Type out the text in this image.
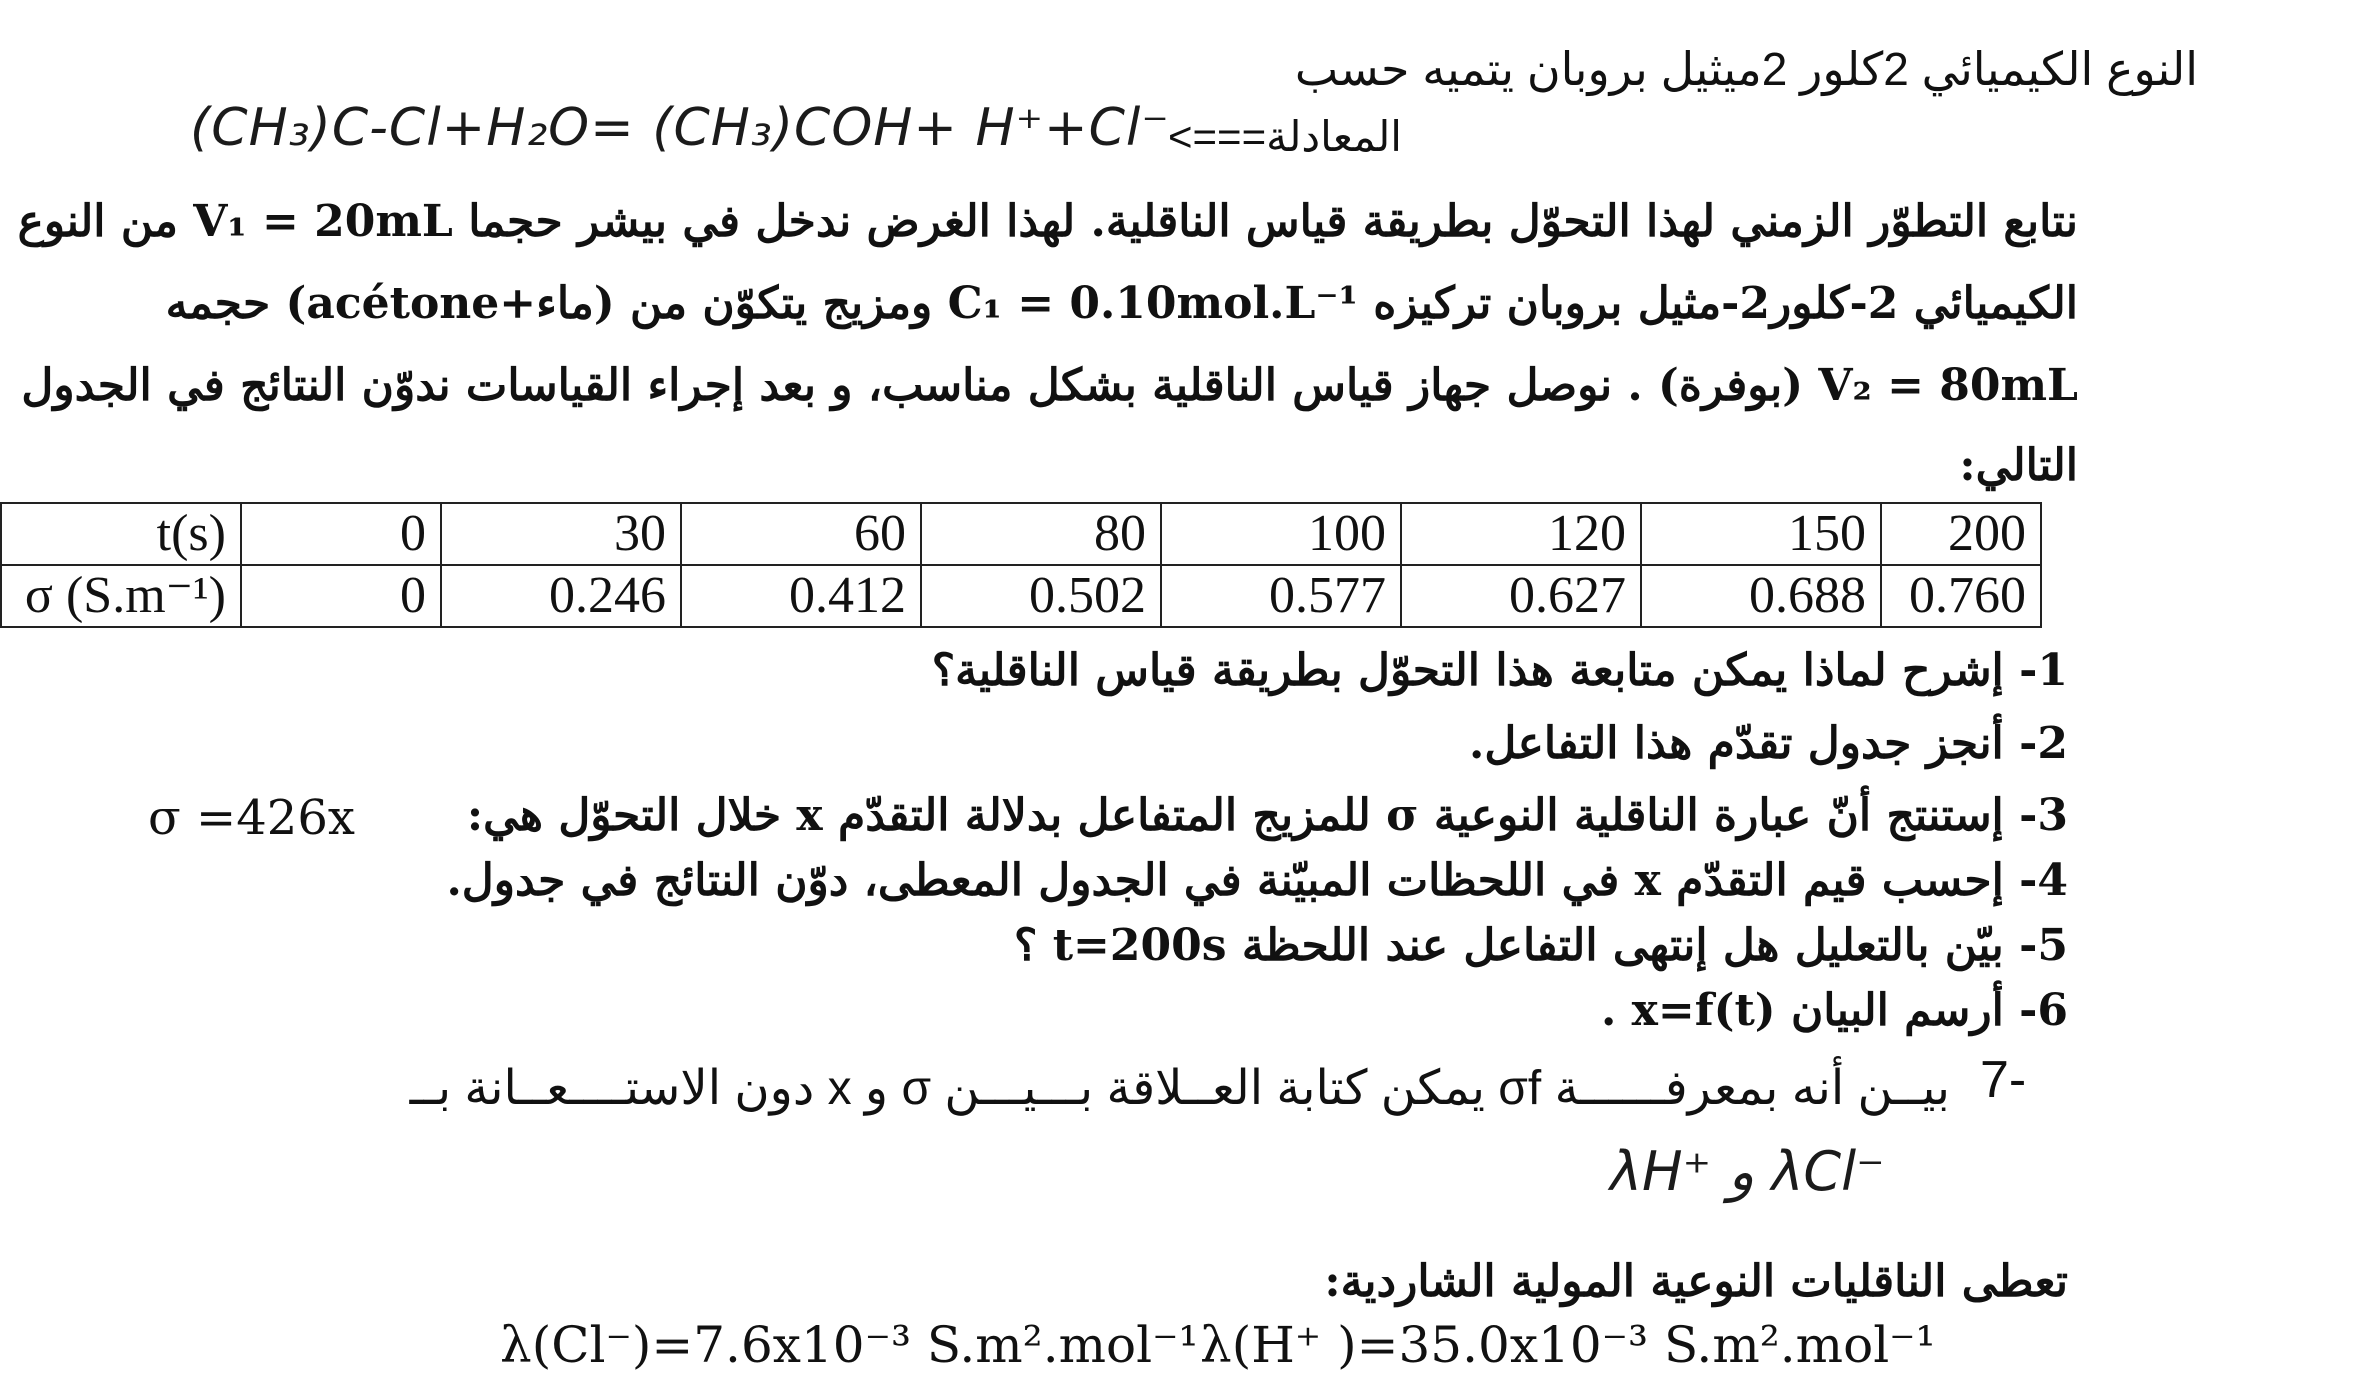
النوع الكيميائي 2كلور 2ميثيل بروبان يتميه حسب
المعادلة===>
(CH₃)C-Cl+H₂O= (CH₃)COH+ H⁺+Cl⁻
نتابع التطوّر الزمني لهذا التحوّل بطريقة قياس الناقلية. لهذا الغرض ندخل في بيشر حجما V₁ = 20mL من النوع
الكيميائي 2-كلور2-مثيل بروبان تركيزه C₁ = 0.10mol.L⁻¹ ومزيج يتكوّن من (ماء+acétone) حجمه
V₂ = 80mL (بوفرة) . نوصل جهاز قياس الناقلية بشكل مناسب، و بعد إجراء القياسات ندوّن النتائج في الجدول
التالي:
t(s)	0	30	60	80	100	120	150	200
σ (S.m⁻¹)	0	0.246	0.412	0.502	0.577	0.627	0.688	0.760
1- إشرح لماذا يمكن متابعة هذا التحوّل بطريقة قياس الناقلية؟
2- أنجز جدول تقدّم هذا التفاعل.
3- إستنتج أنّ عبارة الناقلية النوعية σ للمزيج المتفاعل بدلالة التقدّم x خلال التحوّل هي:
σ =426x
4- إحسب قيم التقدّم x في اللحظات المبيّنة في الجدول المعطى، دوّن النتائج في جدول.
5- بيّن بالتعليل هل إنتهى التفاعل عند اللحظة t=200s ؟
6- أرسم البيان x=f(t) .
7-
بيــن أنه بمعرفــــــة σf يمكن كتابة العــلاقة بـــيـــن σ و x دون الاستــــعــانة بــ
λH⁺ و λCl⁻
تعطى الناقليات النوعية المولية الشاردية:
λ(Cl⁻)=7.6x10⁻³ S.m².mol⁻¹ λ(H⁺ )=35.0x10⁻³ S.m².mol⁻¹
